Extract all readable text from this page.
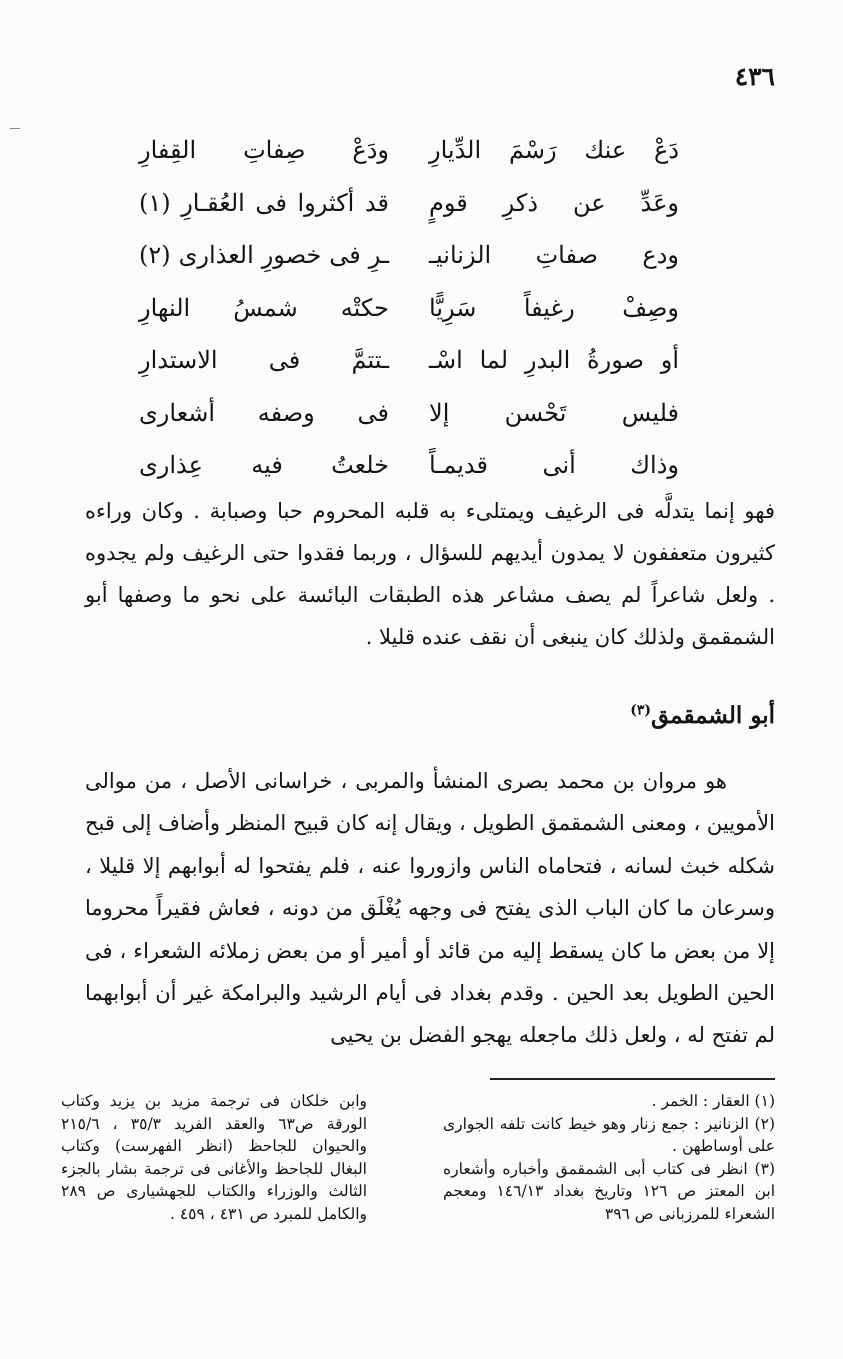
٤٣٦
دَعْ عنك رَسْمَ الدِّيارِ
ودَعْ صِفاتِ القِفارِ
وعَدِّ عن ذكرِ قومٍ
قد أكثروا فى العُقـارِ (١)
ودع صفاتِ الزنانيـ
ـرِ فى خصورِ العذارى (٢)
وصِفْ رغيفاً سَرِيًّا
حكتْه شمسُ النهارِ
أو صورةُ البدرِ لما اسْـ
ـتتمَّ فى الاستدارِ
فليس تَحْسن إلا
فى وصفه أشعارى
وذاك أنى قديمـاً
خلعتُ فيه عِذارى

فهو إنما يتدلَّه فى الرغيف ويمتلىء به قلبه المحروم حبا وصبابة . وكان وراءه كثيرون متعففون لا يمدون أيديهم للسؤال ، وربما فقدوا حتى الرغيف ولم يجدوه . ولعل شاعراً لم يصف مشاعر هذه الطبقات البائسة على نحو ما وصفها أبو الشمقمق ولذلك كان ينبغى أن نقف عنده قليلا .

أبو الشمقمق$^{(٣)}$

هو مروان بن محمد بصرى المنشأ والمربى ، خراسانى الأصل ، من موالى الأمويين ، ومعنى الشمقمق الطويل ، ويقال إنه كان قبيح المنظر وأضاف إلى قبح شكله خبث لسانه ، فتحاماه الناس وازوروا عنه ، فلم يفتحوا له أبوابهم إلا قليلا ، وسرعان ما كان الباب الذى يفتح فى وجهه يُغْلَق من دونه ، فعاش فقيراً محروما إلا من بعض ما كان يسقط إليه من قائد أو أمير أو من بعض زملائه الشعراء ، فى الحين الطويل بعد الحين . وقدم بغداد فى أيام الرشيد والبرامكة غير أن أبوابهما لم تفتح له ، ولعل ذلك ماجعله يهجو الفضل بن يحيى

(١) العقار : الخمر .

(٢) الزنانير : جمع زنار وهو خيط كانت تلفه الجوارى على أوساطهن .

(٣) انظر فى كتاب أبى الشمقمق وأخباره وأشعاره ابن المعتز ص ١٢٦ وتاريخ بغداد ١٤٦/١٣ ومعجم الشعراء للمرزبانى ص ٣٩٦

وابن خلكان فى ترجمة مزيد بن يزيد وكتاب الورقة ص٦٣ والعقد الفريد ٣٥/٣ ، ٢١٥/٦ والحيوان للجاحظ (انظر الفهرست) وكتاب البغال للجاحظ والأغانى فى ترجمة بشار بالجزء الثالث والوزراء والكتاب للجهشيارى ص ٢٨٩ والكامل للمبرد ص ٤٣١ ، ٤٥٩ .
